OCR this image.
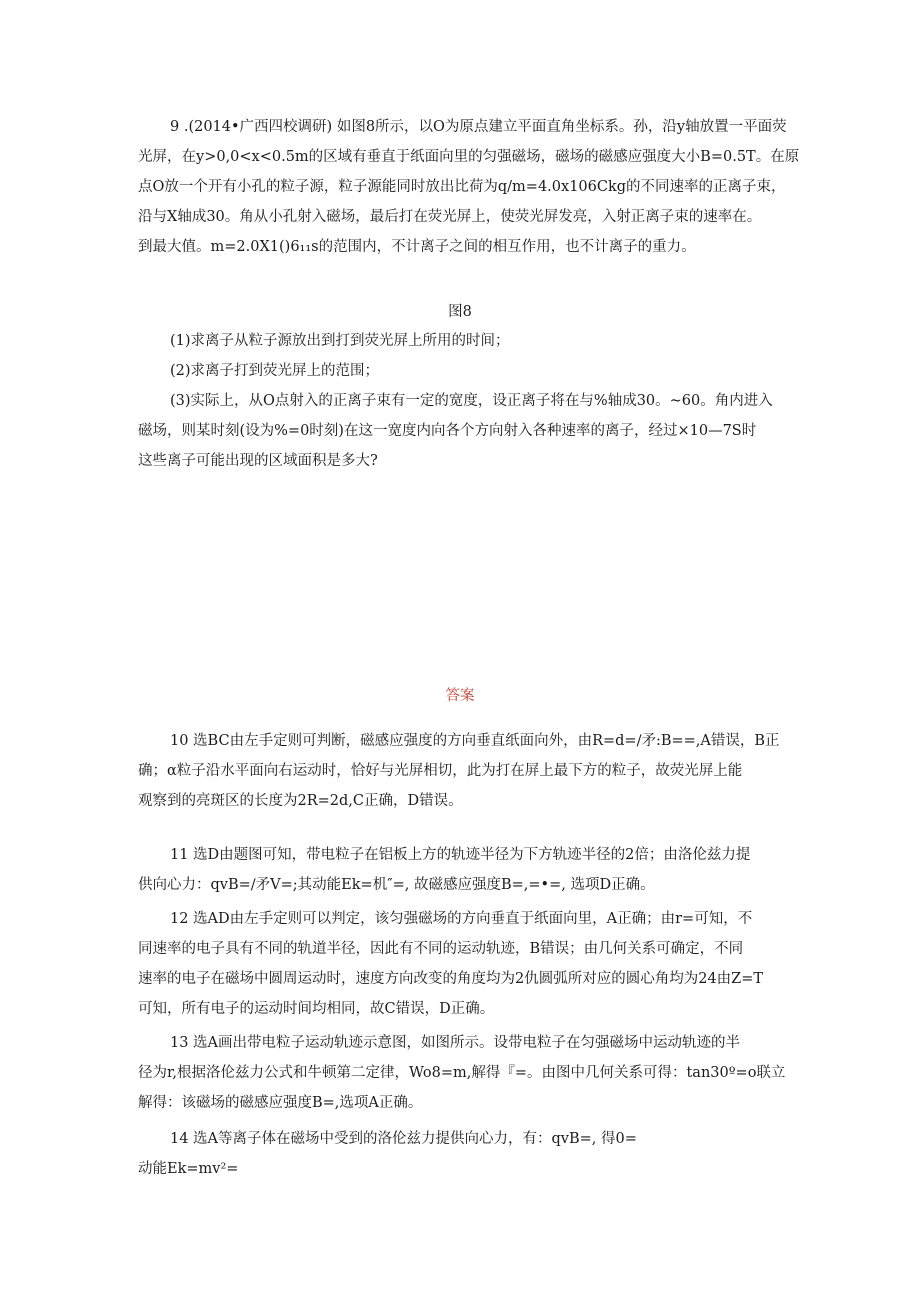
9 .(2014•广西四校调研) 如图8所示，以O为原点建立平面直角坐标系。孙，沿y轴放置一平面荧
光屏，在y>0,0<x<0.5m的区域有垂直于纸面向里的匀强磁场，磁场的磁感应强度大小B=0.5T。在原
点O放一个开有小孔的粒子源，粒子源能同时放出比荷为q/m=4.0x106Ckg的不同速率的正离子束，
沿与X轴成30。角从小孔射入磁场，最后打在荧光屏上，使荧光屏发亮，入射正离子束的速率在。
到最大值。m=2.0X1()6₁₁s的范围内，不计离子之间的相互作用，也不计离子的重力。

图8

(1)求离子从粒子源放出到打到荧光屏上所用的时间；
(2)求离子打到荧光屏上的范围；
(3)实际上，从O点射入的正离子束有一定的宽度，设正离子将在与%轴成30。~60。角内进入
磁场，则某时刻(设为%=0时刻)在这一宽度内向各个方向射入各种速率的离子，经过×10—7S时
这些离子可能出现的区域面积是多大?

答案

10 选BC由左手定则可判断，磁感应强度的方向垂直纸面向外，由R=d=∕矛:B==,A错误，B正
确；α粒子沿水平面向右运动时，恰好与光屏相切，此为打在屏上最下方的粒子，故荧光屏上能
观察到的亮斑区的长度为2R=2d,C正确，D错误。
11 选D由题图可知，带电粒子在铝板上方的轨迹半径为下方轨迹半径的2倍；由洛伦兹力提
供向心力：qvB=∕矛V=;其动能Ek=机″=, 故磁感应强度B=,=•=, 选项D正确。
12 选AD由左手定则可以判定，该匀强磁场的方向垂直于纸面向里，A正确；由r=可知，不
同速率的电子具有不同的轨道半径，因此有不同的运动轨迹，B错误；由几何关系可确定，不同
速率的电子在磁场中圆周运动时，速度方向改变的角度均为2仇圆弧所对应的圆心角均为24由Z=T
可知，所有电子的运动时间均相同，故C错误，D正确。
13 选A画出带电粒子运动轨迹示意图，如图所示。设带电粒子在匀强磁场中运动轨迹的半
径为r,根据洛伦兹力公式和牛顿第二定律，Wo8=m,解得『=。由图中几何关系可得：tan30º=o联立
解得：该磁场的磁感应强度B=,选项A正确。
14 选A等离子体在磁场中受到的洛伦兹力提供向心力，有：qvB=, 得0=
动能Ek=mv²=
